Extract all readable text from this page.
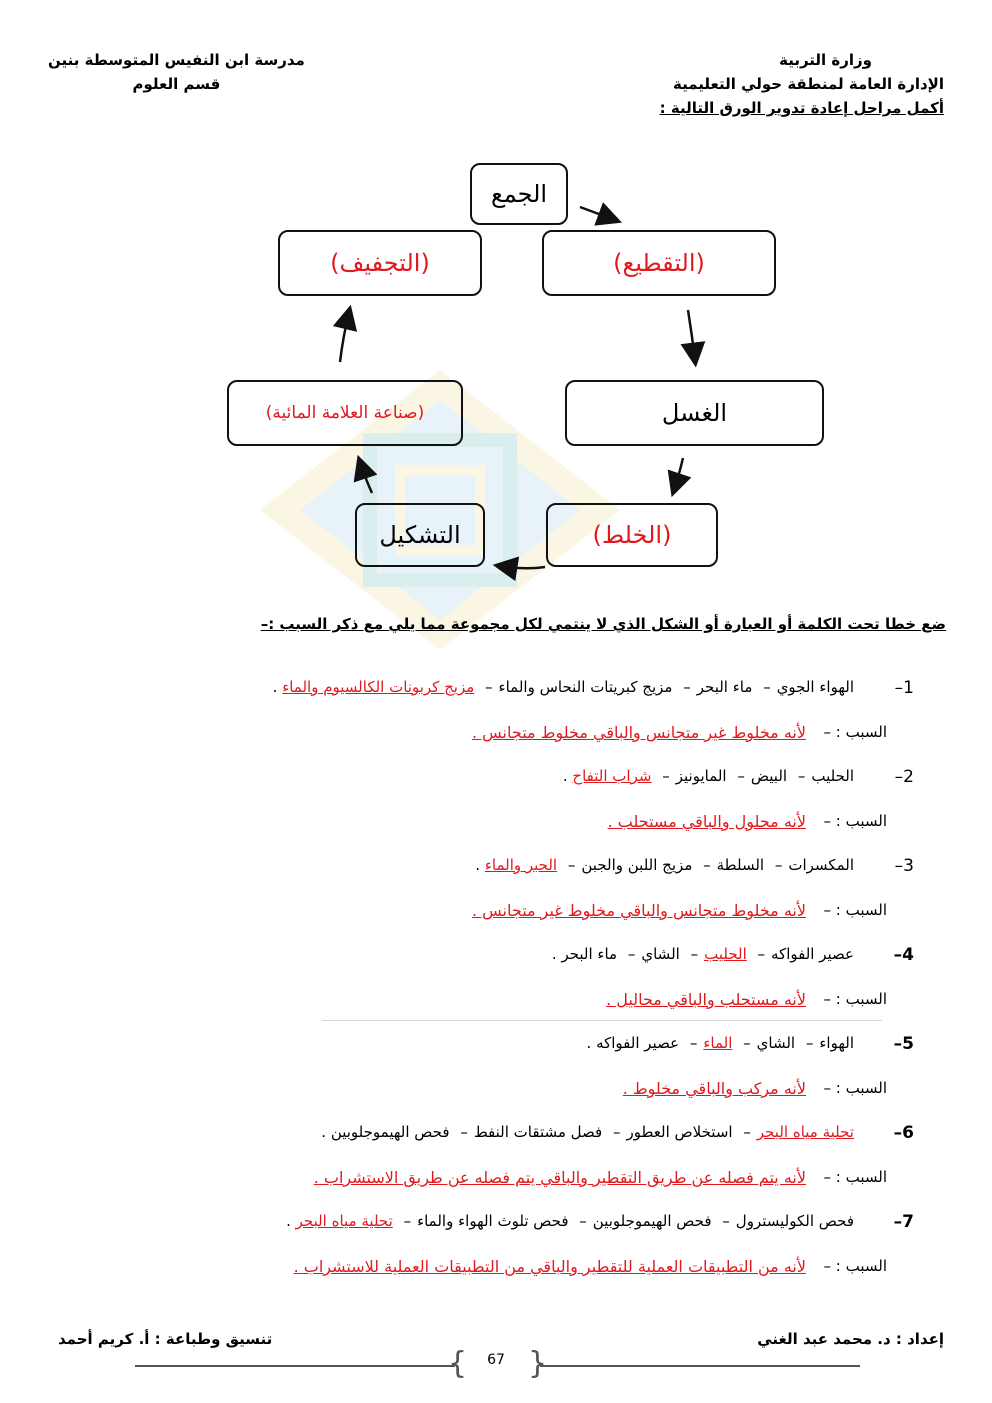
وزارة التربية
الإدارة العامة لمنطقة حولي التعليمية
أكمل مراحل إعادة تدوير الورق التالية :
مدرسة ابن النفيس المتوسطة بنين
قسم العلوم
الجمع
(التقطيع)
(التجفيف)
الغسل
(صناعة العلامة المائية)
(الخلط)
التشكيل
ضع خطا تحت الكلمة أو العبارة أو الشكل الذي لا ينتمي لكل مجموعة مما يلي مع ذكر السبب :–
1–
الهواء الجوي– ماء البحر– مزيج كبريتات النحاس والماء– مزيج كربونات الكالسيوم والماء .
السبب : –
لأنه مخلوط غير متجانس والباقي مخلوط متجانس .
2–
الحليب– البيض– المايونيز– شراب التفاح .
السبب : –
لأنه محلول والباقي مستحلب .
3–
المكسرات– السلطة– مزيج اللبن والجبن– الحبر والماء .
السبب : –
لأنه مخلوط متجانس والباقي مخلوط غير متجانس .
4–
عصير الفواكه– الحليب– الشاي– ماء البحر .
السبب : –
لأنه مستحلب والباقي محاليل .
5–
الهواء– الشاي– الماء– عصير الفواكه .
السبب : –
لأنه مركب والباقي مخلوط .
6–
تحلية مياه البحر– استخلاص العطور– فصل مشتقات النفط– فحص الهيموجلوبين .
السبب : –
لأنه يتم فصله عن طريق التقطير والباقي يتم فصله عن طريق الاستشراب .
7–
فحص الكوليسترول– فحص الهيموجلوبين– فحص تلوث الهواء والماء– تحلية مياه البحر .
السبب : –
لأنه من التطبيقات العملية للتقطير والباقي من التطبيقات العملية للاستشراب .
إعداد : د. محمد عبد الغني
تنسيق وطباعة : أ. كريم أحمد
{ }
67
